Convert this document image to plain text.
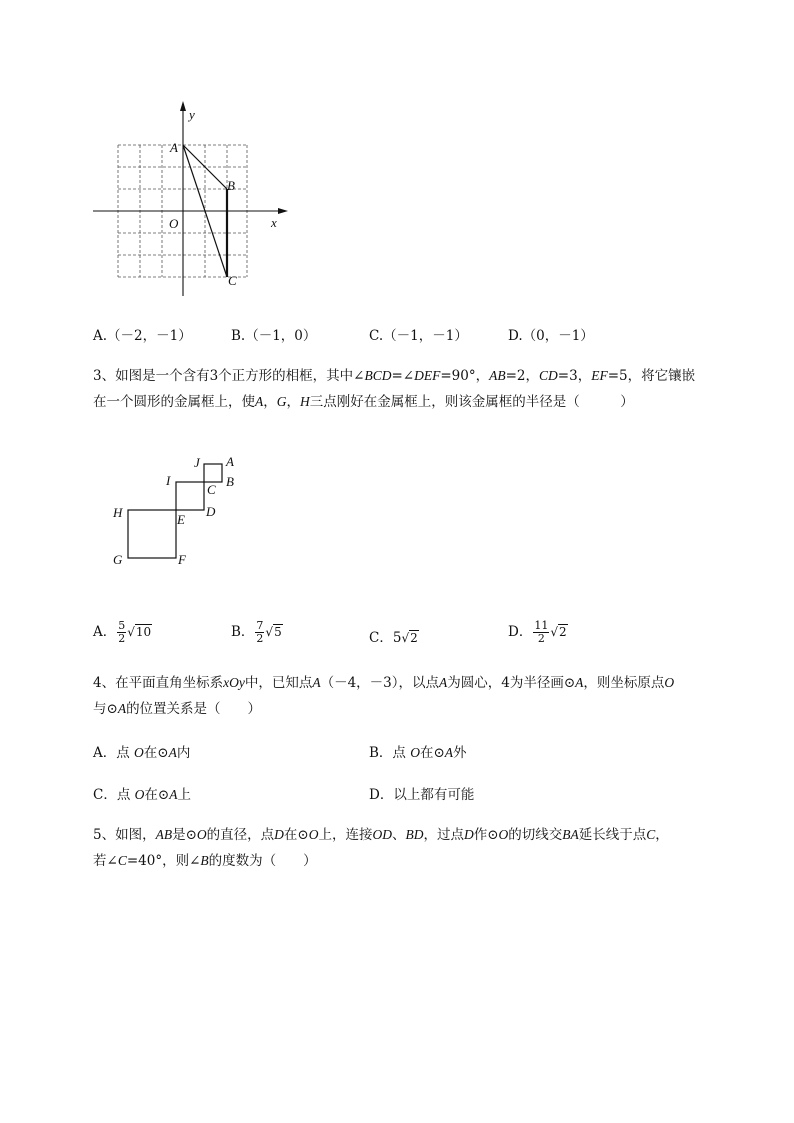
y
x
O
A
B
C
A.（－2，－1）	B.（－1，0）	C.（－1，－1）	D.（0，－1）
3、如图是一个含有3个正方形的相框，其中∠BCD=∠DEF=90°，AB=2，CD=3，EF=5，将它镶嵌
在一个圆形的金属框上，使A，G，H三点刚好在金属框上，则该金属框的半径是（　　　）
J A
I
C
B
H	E
D
G	F
A． $\frac{5}{2} √10$	B． $\frac{7}{2} √5$	C．5√2	D． $\frac{11}{2} √2$
4、在平面直角坐标系xOy中，已知点A（－4，－3），以点A为圆心，4为半径画⊙A，则坐标原点O
与⊙A的位置关系是（　　）
A．点 O在⊙A内	B．点 O在⊙A外
C．点 O在⊙A上	D．以上都有可能
5、如图，AB是⊙O的直径，点D在⊙O上，连接OD、BD，过点D作⊙O的切线交BA延长线于点C，
若∠C=40°，则∠B的度数为（　　）
